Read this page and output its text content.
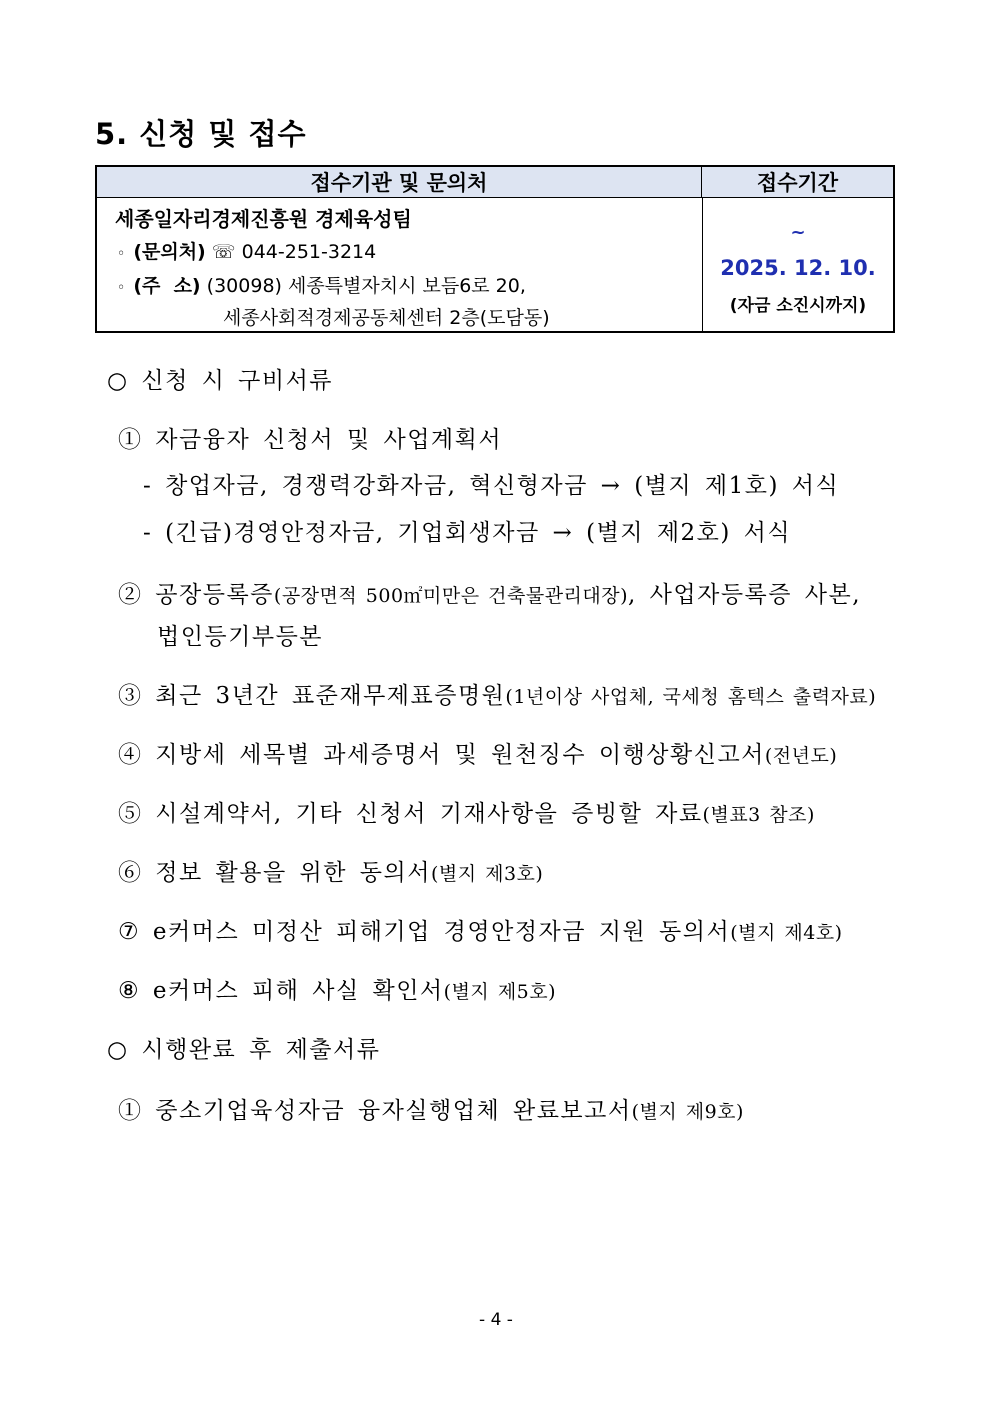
5. 신청 및 접수
접수기관 및 문의처	접수기간
세종일자리경제진흥원 경제육성팀
◦ (문의처) ☏ 044-251-3214
◦ (주  소) (30098) 세종특별자치시 보듬6로 20,
세종사회적경제공동체센터 2층(도담동)
~
2025. 12. 10.
(자금 소진시까지)
○ 신청 시 구비서류
① 자금융자 신청서 및 사업계획서
- 창업자금, 경쟁력강화자금, 혁신형자금 → (별지 제1호) 서식
- (긴급)경영안정자금, 기업회생자금 → (별지 제2호) 서식
② 공장등록증(공장면적 500㎡미만은 건축물관리대장), 사업자등록증 사본,
법인등기부등본
③ 최근 3년간 표준재무제표증명원(1년이상 사업체, 국세청 홈텍스 출력자료)
④ 지방세 세목별 과세증명서 및 원천징수 이행상황신고서(전년도)
⑤ 시설계약서, 기타 신청서 기재사항을 증빙할 자료(별표3 참조)
⑥ 정보 활용을 위한 동의서(별지 제3호)
⑦ e커머스 미정산 피해기업 경영안정자금 지원 동의서(별지 제4호)
⑧ e커머스 피해 사실 확인서(별지 제5호)
○ 시행완료 후 제출서류
① 중소기업육성자금 융자실행업체 완료보고서(별지 제9호)
- 4 -
